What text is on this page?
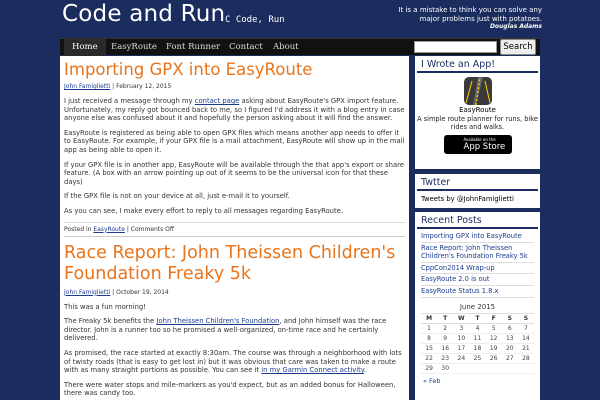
Code and Run C Code, Run
It is a mistake to think you can solve any major problems just with potatoes.
Douglas Adams
Home	EasyRoute	Font Runner	Contact	About	Search
Importing GPX into EasyRoute
John Famiglietti | February 12, 2015

I just received a message through my contact page asking about EasyRoute's GPX import feature. Unfortunately, my reply got bounced back to me, so I figured I'd address it with a blog entry in case anyone else was confused about it and hopefully the person asking about it will find the answer.

EasyRoute is registered as being able to open GPX files which means another app needs to offer it to EasyRoute. For example, if your GPX file is a mail attachment, EasyRoute will show up in the mail app as being able to open it.

If your GPX file is in another app, EasyRoute will be available through the that app's export or share feature. (A box with an arrow pointing up out of it seems to be the universal icon for that these days)

If the GPX file is not on your device at all, just e-mail it to yourself.

As you can see, I make every effort to reply to all messages regarding EasyRoute.

Posted in EasyRoute | Comments Off
Race Report: John Theissen Children's Foundation Freaky 5k
John Famiglietti | October 19, 2014

This was a fun morning!

The Freaky 5k benefits the John Theissen Children's Foundation, and John himself was the race director. John is a runner too so he promised a well-organized, on-time race and he certainly delivered.

As promised, the race started at exactly 8:30am. The course was through a neighborhood with lots of twisty roads (that is easy to get lost in) but it was obvious that care was taken to make a route with as many straight portions as possible. You can see it in my Garmin Connect activity.

There were water stops and mile-markers as you'd expect, but as an added bonus for Halloween, there was candy too.

I Wrote an App!
EasyRoute
A simple route planner for runs, bike rides and walks.
Available on the
App Store
Twtter
Tweets by @JohnFamiglietti
Recent Posts
Importing GPX into EasyRoute
Race Report: John Theissen Children's Foundation Freaky 5k
CppCon2014 Wrap-up
EasyRoute 2.0 is out
EasyRoute Status 1.8.x
June 2015
M	T	W	T	F	S	S
1	2	3	4	5	6	7
8	9	10	11	12	13	14
15	16	17	18	19	20	21
22	23	24	25	26	27	28
29	30					
« Feb
